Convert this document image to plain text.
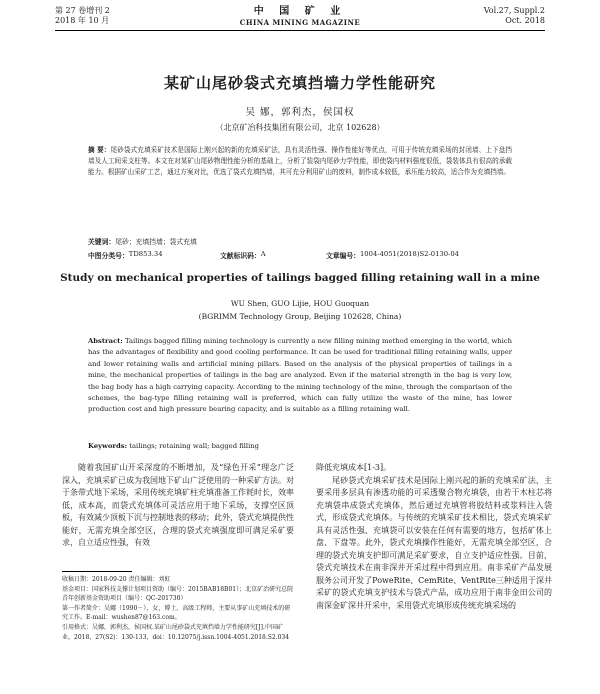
第 27 卷增刊 2
2018 年 10 月
中 国 矿 业
CHINA MINING MAGAZINE
Vol.27, Suppl.2
Oct. 2018
某矿山尾砂袋式充填挡墙力学性能研究
吴 娜，郭利杰，侯国权
（北京矿冶科技集团有限公司，北京 102628）
摘 要：尾砂袋式充填采矿技术是国际上刚兴起的新的充填采矿法，具有灵活性强、操作性能好等优点，可用于传统充填采场的封闭墙、上下盘挡墙及人工间采支柱等。本文在对某矿山尾砂物理性能分析的基础上，分析了装袋内尾砂力学性能，即使袋内材料强度很低，袋装体具有很高的承载能力。根据矿山采矿工艺，通过方案对比，优选了袋式充填挡墙，其可充分利用矿山的废料，制作成本较低，承压能力较高，适合作为充填挡墙。
关键词：尾砂；充填挡墙；袋式充填
中图分类号： TD853.34	文献标识码： A	文章编号： 1004-4051(2018)S2-0130-04
Study on mechanical properties of tailings bagged filling retaining wall in a mine
WU Shen, GUO Lijie, HOU Guoquan
(BGRIMM Technology Group, Beijing 102628, China)
Abstract: Tailings bagged filling mining technology is currently a new filling mining method emerging in the world, which has the advantages of flexibility and good cooling performance. It can be used for traditional filling retaining walls, upper and lower retaining walls and artificial mining pillars. Based on the analysis of the physical properties of tailings in a mine, the mechanical properties of tailings in the bag are analyzed. Even if the material strength in the bag is very low, the bag body has a high carrying capacity. According to the mining technology of the mine, through the comparison of the schemes, the bag-type filling retaining wall is preferred, which can fully utilize the waste of the mine, has lower production cost and high pressure bearing capacity, and is suitable as a filling retaining wall.
Keywords: tailings; retaining wall; bagged filling

随着我国矿山开采深度的不断增加，及“绿色开采”理念广泛深入，充填采矿已成为我国地下矿山广泛使用的一种采矿方法。对于条带式地下采场，采用传统充填矿柱充填准备工作耗时长，效率低，成本高，而袋式充填体可灵活应用于地下采场，支撑空区顶板，有效减少顶板下沉与控制地表的移动；此外，袋式充填提供性能好，无需充填全部空区，合理的袋式充填强度即可满足采矿要求，自立适应性强，有效

收稿日期：2018-09-20 责任编辑：刘虹

基金项目：国家科技支撑计划项目资助（编号：2015BAB18B01）；北京矿冶研究总院青年创新基金资助项目（编号：QC-201730）

第一作者简介：吴娜（1990－），女，博士，高级工程师，主要从事矿山充填技术的研究工作。E-mail：wushen87@163.com。

引用格式：吴娜，郭利杰，侯国权.某矿山尾砂袋式充填挡墙力学性能研究[J].中国矿业，2018，27(S2)：130-133，doi：10.12075/j.issn.1004-4051.2018.S2.034

降低充填成本[1-3]。

尾砂袋式充填采矿技术是国际上刚兴起的新的充填采矿法，主要采用多层具有渗透功能的可采透聚合物充填袋，由若干木柱芯将充填袋串成袋式充填体，然后通过充填管将胶结料或浆料注入袋式，形成袋式充填体。与传统的充填采矿技术相比，袋式充填采矿具有灵活性强、充填袋可以安装在任何有需要的地方，包括矿体上盘、下盘等。此外，袋式充填操作性能好，无需充填全部空区，合理的袋式充填支护即可满足采矿要求，自立支护适应性强。目前，袋式充填技术在南非深井开采过程中得到应用。南非采矿产品发展服务公司开发了PoweRite、CemRite、VentRite三种适用于深井采矿的袋式充填支护技术与袋式产品，成功应用于南非金田公司的南深金矿深井开采中，采用袋式充填形成传统充填采场的
